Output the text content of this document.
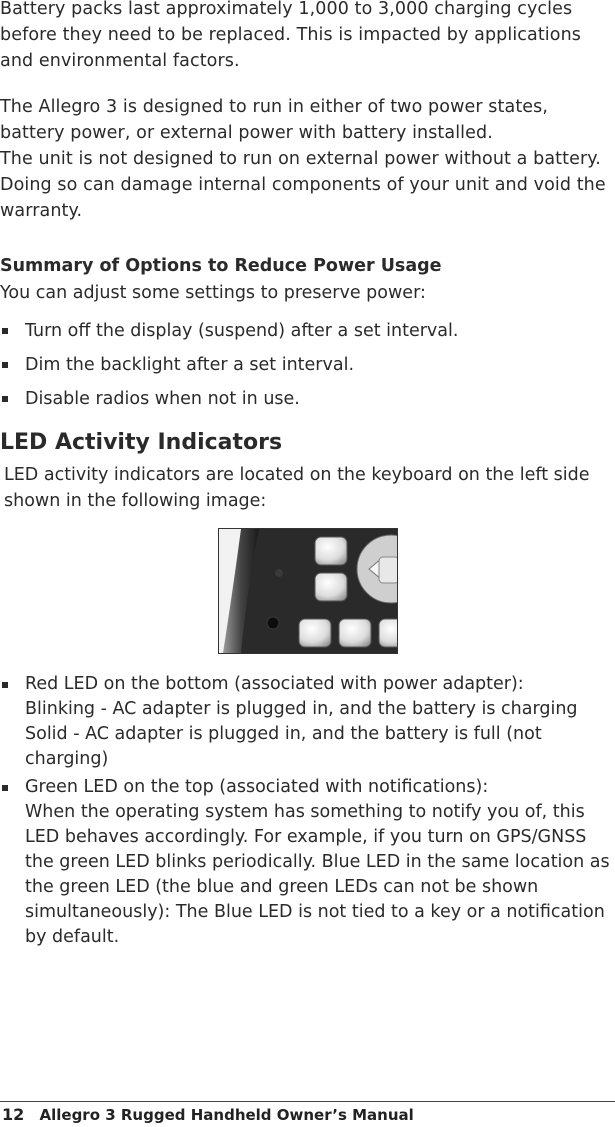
Battery packs last approximately 1,000 to 3,000 charging cycles before they need to be replaced. This is impacted by applications and environmental factors.

The Allegro 3 is designed to run in either of two power states, battery power, or external power with battery installed.
The unit is not designed to run on external power without a battery. Doing so can damage internal components of your unit and void the warranty.

Summary of Options to Reduce Power Usage

You can adjust some settings to preserve power:

Turn off the display (suspend) after a set interval.
Dim the backlight after a set interval.
Disable radios when not in use.
LED Activity Indicators

LED activity indicators are located on the keyboard on the left side shown in the following image:

Red LED on the bottom (associated with power adapter):
Blinking - AC adapter is plugged in, and the battery is charging
Solid - AC adapter is plugged in, and the battery is full (not charging)
Green LED on the top (associated with notiﬁcations):
When the operating system has something to notify you of, this LED behaves accordingly. For example, if you turn on GPS/GNSS the green LED blinks periodically. Blue LED in the same location as the green LED (the blue and green LEDs can not be shown simultaneously): The Blue LED is not tied to a key or a notiﬁcation by default.
12 Allegro 3 Rugged Handheld Owner’s Manual
